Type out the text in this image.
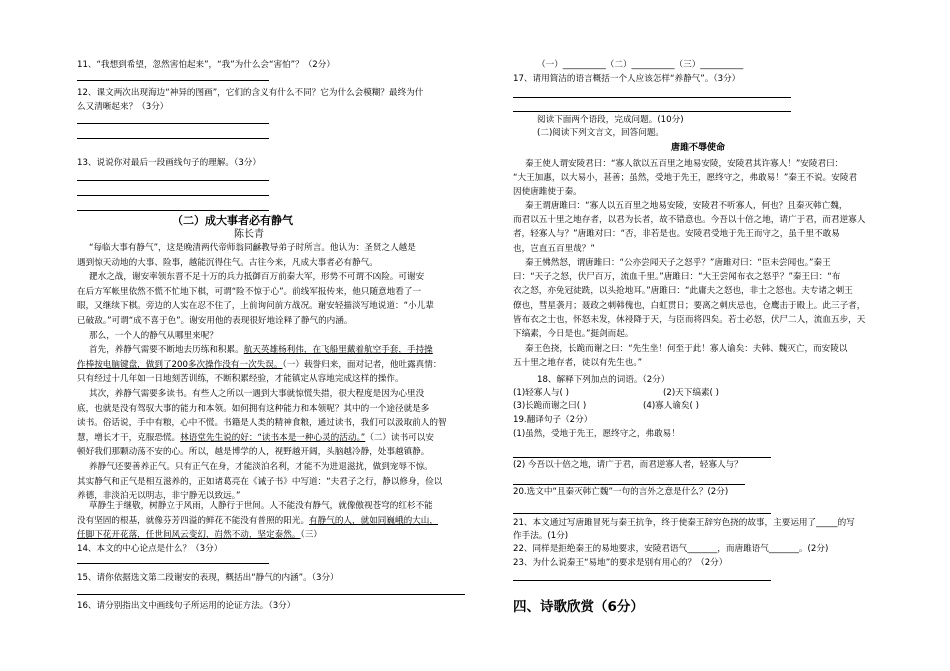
11、“我想到希望，忽然害怕起来”，“我”为什么会“害怕”？（2分）
12、课文两次出现海边“神异的图画”，它们的含义有什么不同？它为什么会模糊？最终为什
么又清晰起来？（3分）
13、说说你对最后一段画线句子的理解。（3分）
（二）成大事者必有静气
陈长青
“每临大事有静气”，这是晚清两代帝师翁同龢教导弟子时所言。他认为：圣贤之人越是
遇到惊天动地的大事、险事，越能沉得住气。古往今来，凡成大事者必有静气。
淝水之战，谢安率领东晋不足十万的兵力抵御百万前秦大军，形势不可谓不凶险。可谢安
在后方军帐里依然不慌不忙地下棋，可谓“险不惊于心”。前线军报传来，他只随意地看了一
眼，又继续下棋。旁边的人实在忍不住了，上前询问前方战况。谢安轻描淡写地说道：“小儿辈
已破敌。”可谓“成不喜于色”。谢安用他的表现很好地诠释了静气的内涵。
那么，一个人的静气从哪里来呢？
首先，养静气需要不断地去历练和积累。航天英雄杨利伟，在飞船里戴着航空手套，手持操
作棒按电脑键盘，做到了200多次操作没有一次失误。（一）载誉归来，面对记者，他吐露真情：
只有经过十几年如一日地刻苦训练，不断积累经验，才能镇定从容地完成这样的操作。
其次，养静气需要多读书。有些人之所以一遇到大事就惊慌失措，很大程度是因为心里没
底，也就是没有驾驭大事的能力和本领。如何拥有这种能力和本领呢？其中的一个途径就是多
读书。俗话说，手中有粮，心中不慌。书籍是人类的精神食粮，通过读书，我们可以汲取前人的智
慧，增长才干，克服恐慌。林语堂先生说的好：“读书本是一种心灵的活动。”（二）读书可以安
顿好我们那颗动荡不安的心。所以，越是博学的人，视野越开阔，头脑越冷静，处事越镇静。
养静气还要善养正气。只有正气在身，才能淡泊名利，才能不为进退滋扰，做到宠辱不惊。
其实静气和正气是相互滋养的，正如诸葛亮在《诫子书》中写道：“夫君子之行，静以修身，俭以
养德，非淡泊无以明志，非宁静无以致远。”
草静生于继敬，树静立于风雨，人静行于世间。人不能没有静气，就像傲视苍穹的红杉不能
没有坚固的根基，就像芬芳四溢的鲜花不能没有普照的阳光。有静气的人，就如同巍峨的大山，
任脚下花开花落，任世间风云变幻，岿然不动，坚定泰然。（三）
14、本文的中心论点是什么？（3分）
15、请你依据选文第二段谢安的表现，概括出“静气的内涵”。（3分）
16、请分别指出文中画线句子所运用的论证方法。（3分）
（一）__________（二）__________（三）__________
17、请用简洁的语言概括一个人应该怎样“养静气”。（3分）
阅读下面两个语段，完成问题。(10分)
(二)阅读下列文言文，回答问题。
唐雎不辱使命
秦王使人谓安陵君曰：“寡人欲以五百里之地易安陵，安陵君其许寡人！”安陵君曰：
“大王加惠，以大易小，甚善；虽然，受地于先王，愿终守之，弗敢易！”秦王不说。安陵君
因使唐雎使于秦。
秦王谓唐雎曰：“寡人以五百里之地易安陵，安陵君不听寡人，何也？且秦灭韩亡魏，
而君以五十里之地存者，以君为长者，故不错意也。今吾以十倍之地，请广于君，而君逆寡人
者，轻寡人与？”唐雎对曰：“否，非若是也。安陵君受地于先王而守之，虽千里不敢易
也，岂直五百里哉？”
秦王怫然怒，谓唐雎曰：“公亦尝闻天子之怒乎？”唐雎对曰：“臣未尝闻也。”秦王
曰：“天子之怒，伏尸百万，流血千里。”唐雎曰：“大王尝闻布衣之怒乎？”秦王曰：“布
衣之怒，亦免冠徒跣，以头抢地耳。”唐雎曰：“此庸夫之怒也，非士之怒也。夫专诸之刺王
僚也，彗星袭月；聂政之刺韩傀也，白虹贯日；要离之刺庆忌也，仓鹰击于殿上。此三子者，
皆布衣之士也，怀怒未发，休祲降于天，与臣而将四矣。若士必怒，伏尸二人，流血五步，天
下缟素，今日是也。”挺剑而起。
秦王色挠，长跪而谢之曰：“先生坐！何至于此！寡人谕矣：夫韩、魏灭亡，而安陵以
五十里之地存者，徒以有先生也。”
18、解释下列加点的词语。（2分）
(1)轻寡人与( )	(2)天下缟素( )
(3)长跪而谢之曰( )	(4)寡人谕矣( )
19.翻译句子（2分）
(1)虽然，受地于先王，愿终守之，弗敢易！
(2) 今吾以十倍之地，请广于君，而君逆寡人者，轻寡人与？
20.选文中“且秦灭韩亡魏”一句的言外之意是什么？(2分)
21、本文通过写唐雎冒死与秦王抗争，终于使秦王辞穷色挠的故事，主要运用了_____的写
作手法。(1分)
22、同样是拒绝秦王的易地要求，安陵君语气_______，而唐雎语气_______。(2分)
23、为什么说秦王“易地”的要求是别有用心的？（2分）
四、诗歌欣赏（6分）
